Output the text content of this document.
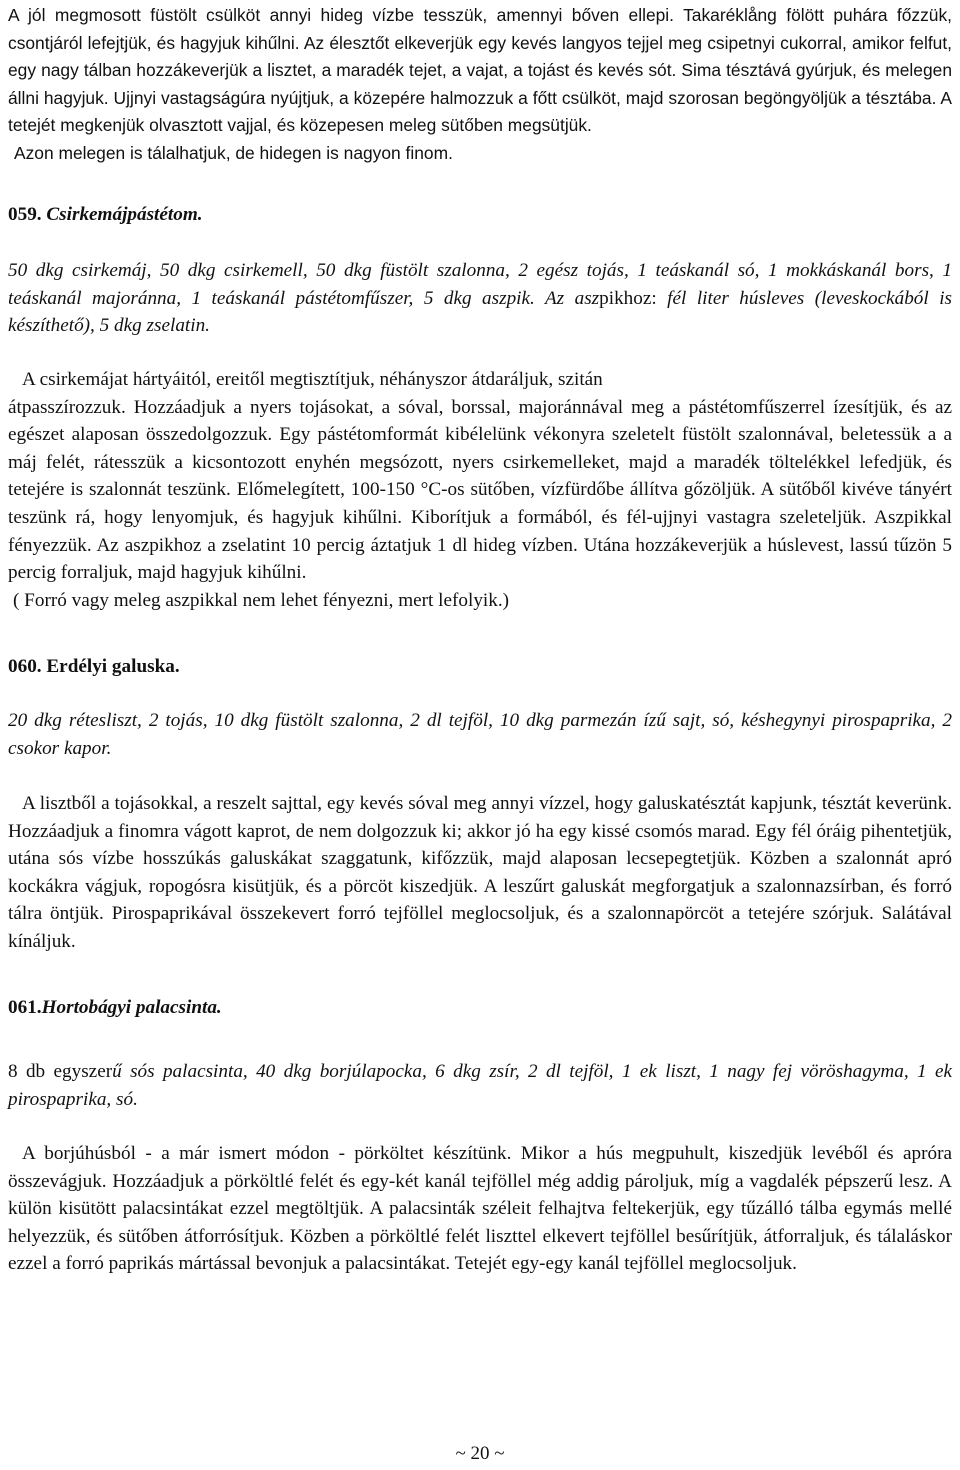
A jól megmosott füstölt csülköt annyi hideg vízbe tesszük, amennyi bőven ellepi. Takaréklång fölött puhára főzzük, csontjáról lefejtjük, és hagyjuk kihűlni. Az élesztőt elkeverjük egy kevés langyos tejjel meg csipetnyi cukorral, amikor felfut, egy nagy tálban hozzákeverjük a lisztet, a maradék tejet, a vajat, a tojást és kevés sót. Sima tésztává gyúrjuk, és melegen állni hagyjuk. Ujjnyi vastagságúra nyújtjuk, a közepére halmozzuk a főtt csülköt, majd szorosan begöngyöljük a tésztába. A tetejét megkenjük olvasztott vajjal, és közepesen meleg sütőben megsütjük.

Azon melegen is tálalhatjuk, de hidegen is nagyon finom.

059. Csirkemájpástétom.

50 dkg csirkemáj, 50 dkg csirkemell, 50 dkg füstölt szalonna, 2 egész tojás, 1 teáskanál só, 1 mokkáskanál bors, 1 teáskanál majoránna, 1 teáskanál pástétomfűszer, 5 dkg aszpik. Az aszpikhoz: fél liter húsleves (leveskockából is készíthető), 5 dkg zselatin.

A csirkemájat hártyáitól, ereitől megtisztítjuk, néhányszor átdaráljuk, szitán

átpasszírozzuk. Hozzáadjuk a nyers tojásokat, a sóval, borssal, majoránnával meg a pástétomfűszerrel ízesítjük, és az egészet alaposan összedolgozzuk. Egy pástétomformát kibélelünk vékonyra szeletelt füstölt szalonnával, beletessük a a máj felét, rátesszük a kicsontozott enyhén megsózott, nyers csirkemelleket, majd a maradék töltelékkel lefedjük, és tetejére is szalonnát teszünk. Előmelegített, 100-150 °C-os sütőben, vízfürdőbe állítva gőzöljük. A sütőből kivéve tányért teszünk rá, hogy lenyomjuk, és hagyjuk kihűlni. Kiborítjuk a formából, és fél-ujjnyi vastagra szeleteljük. Aszpikkal fényezzük. Az aszpikhoz a zselatint 10 percig áztatjuk 1 dl hideg vízben. Utána hozzákeverjük a húslevest, lassú tűzön 5 percig forraljuk, majd hagyjuk kihűlni.

( Forró vagy meleg aszpikkal nem lehet fényezni, mert lefolyik.)

060. Erdélyi galuska.

20 dkg rétesliszt, 2 tojás, 10 dkg füstölt szalonna, 2 dl tejföl, 10 dkg parmezán ízű sajt, só, késhegynyi pirospaprika, 2 csokor kapor.

A lisztből a tojásokkal, a reszelt sajttal, egy kevés sóval meg annyi vízzel, hogy galuskatésztát kapjunk, tésztát keverünk. Hozzáadjuk a finomra vágott kaprot, de nem dolgozzuk ki; akkor jó ha egy kissé csomós marad. Egy fél óráig pihentetjük, utána sós vízbe hosszúkás galuskákat szaggatunk, kifőzzük, majd alaposan lecsepegtetjük. Közben a szalonnát apró kockákra vágjuk, ropogósra kisütjük, és a pörcöt kiszedjük. A leszűrt galuskát megforgatjuk a szalonnazsírban, és forró tálra öntjük. Pirospaprikával összekevert forró tejföllel meglocsoljuk, és a szalonnapörcöt a tetejére szórjuk. Salátával kínáljuk.

061.Hortobágyi palacsinta.

8 db egyszerű sós palacsinta, 40 dkg borjúlapocka, 6 dkg zsír, 2 dl tejföl, 1 ek liszt, 1 nagy fej vöröshagyma, 1 ek pirospaprika, só.

A borjúhúsból - a már ismert módon - pörköltet készítünk. Mikor a hús megpuhult, kiszedjük levéből és apróra összevágjuk. Hozzáadjuk a pörköltlé felét és egy-két kanál tejföllel még addig pároljuk, míg a vagdalék pépszerű lesz. A külön kisütött palacsintákat ezzel megtöltjük. A palacsinták széleit felhajtva feltekerjük, egy tűzálló tálba egymás mellé helyezzük, és sütőben átforrósítjuk. Közben a pörköltlé felét liszttel elkevert tejföllel besűrítjük, átforraljuk, és tálaláskor ezzel a forró paprikás mártással bevonjuk a palacsintákat. Tetejét egy-egy kanál tejföllel meglocsoljuk.

~ 20 ~
